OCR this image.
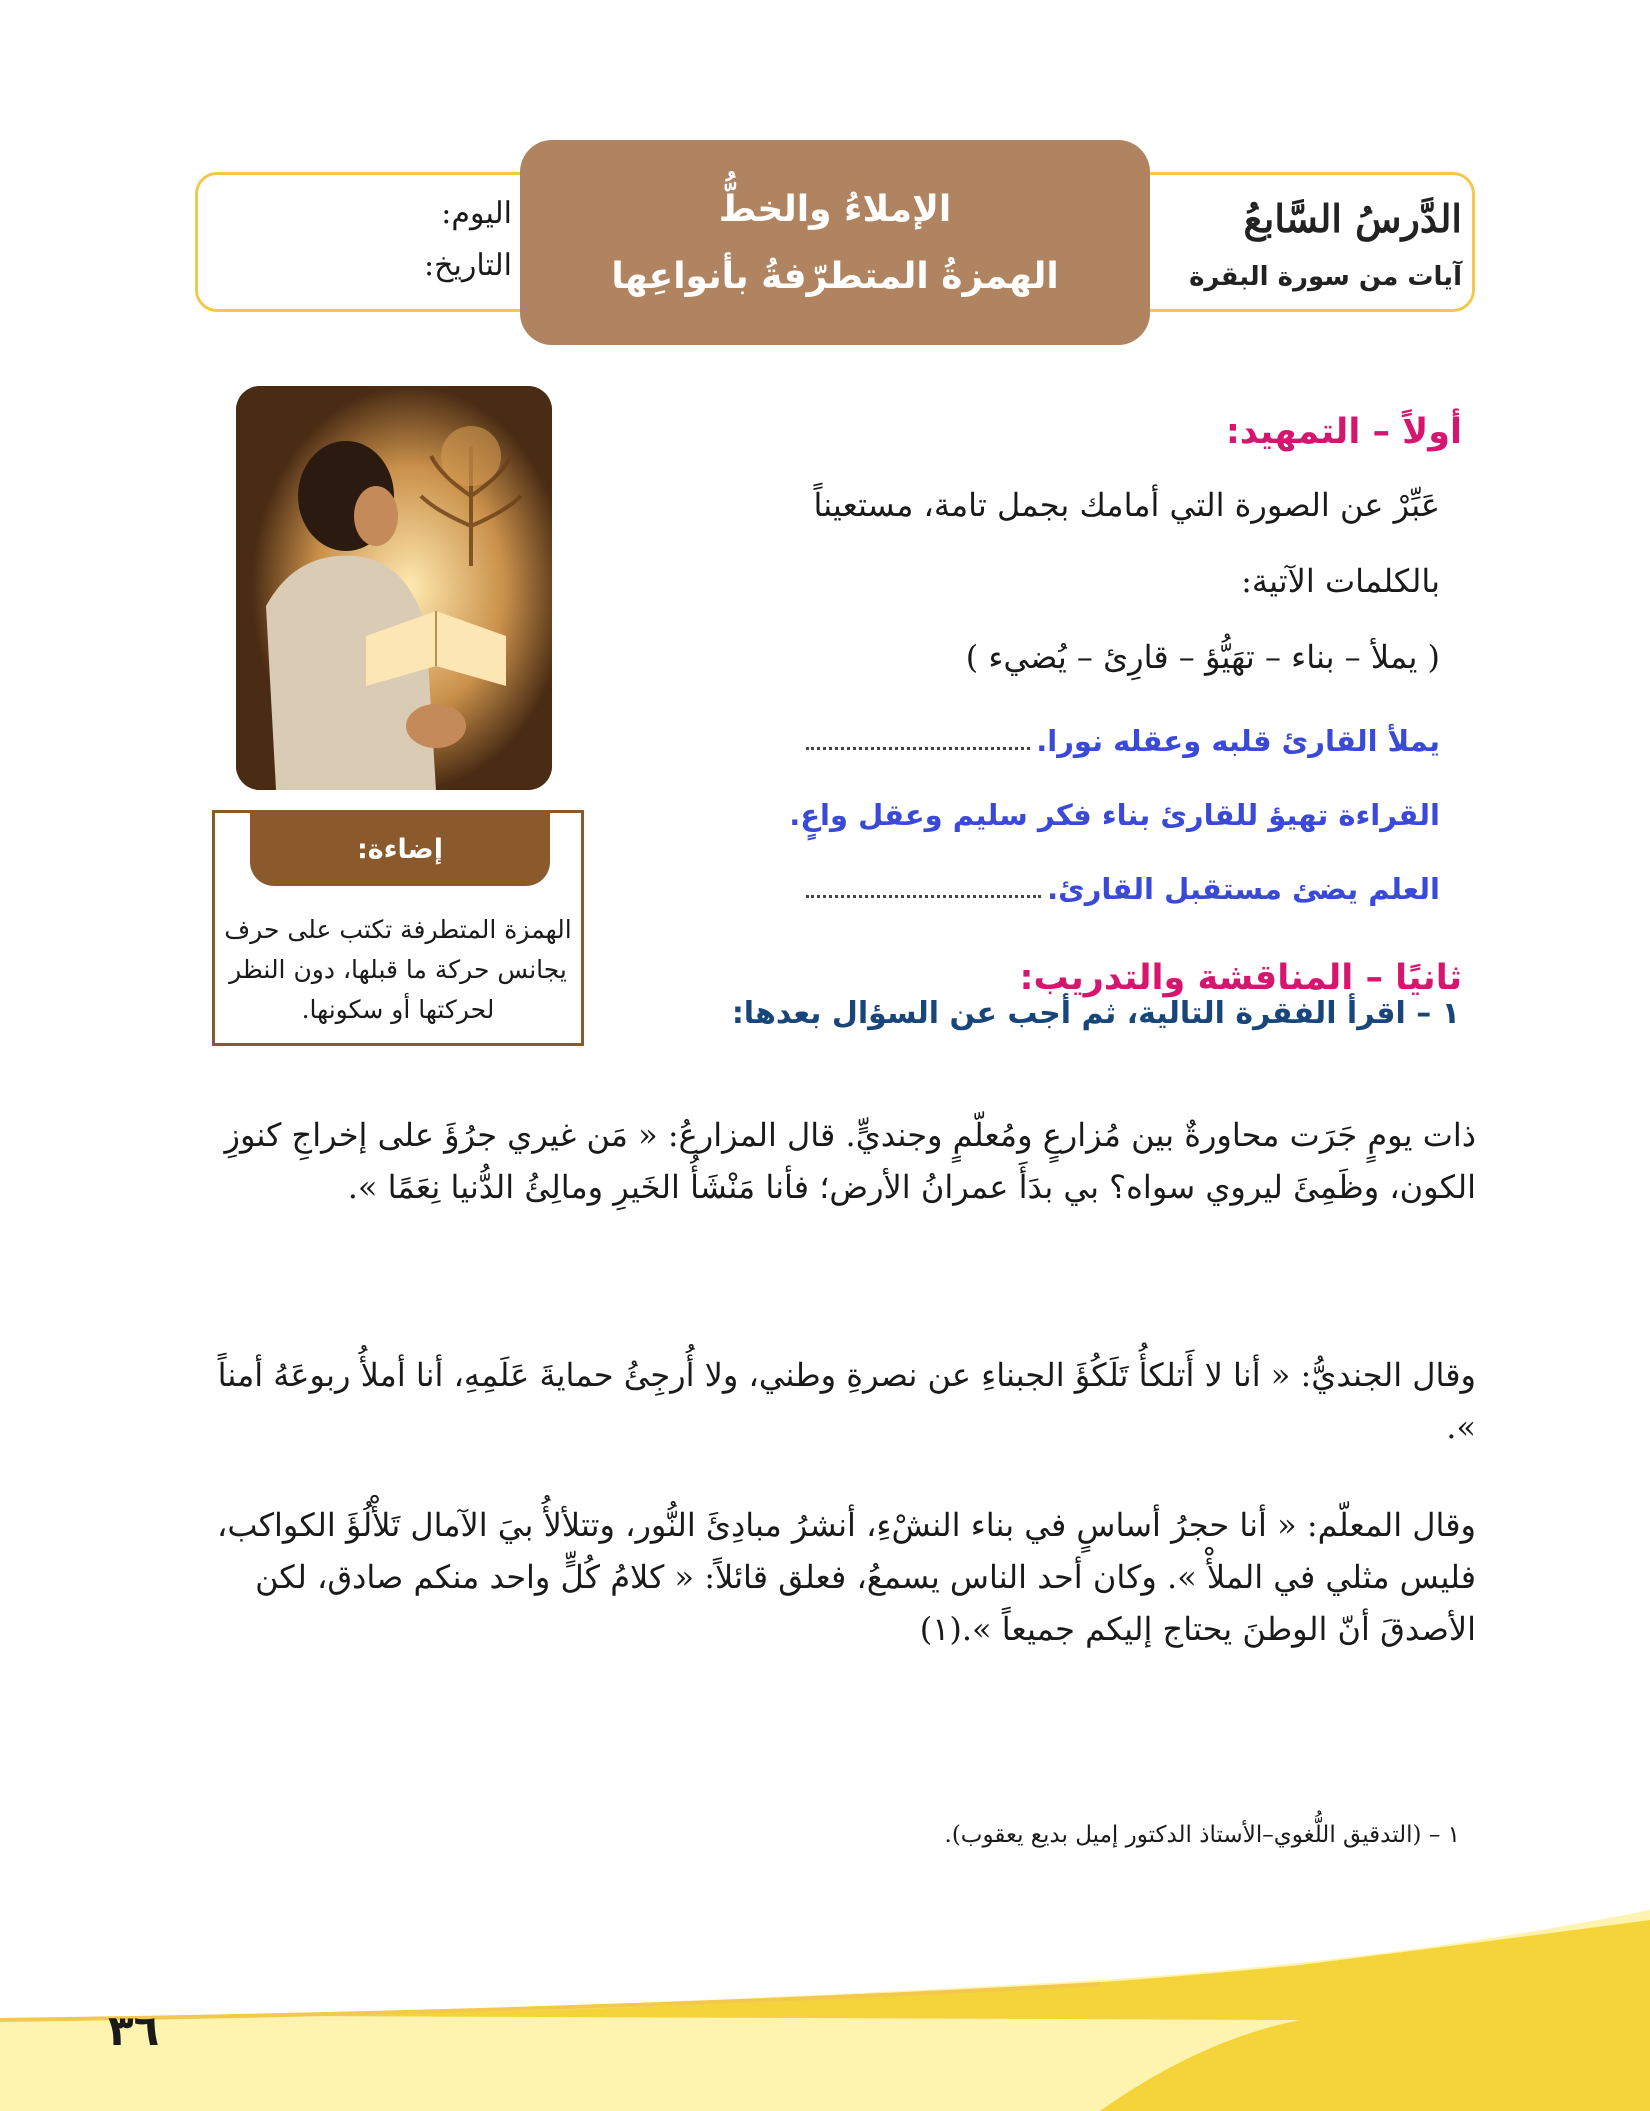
الدَّرسُ السَّابعُ
آيات من سورة البقرة
اليوم:
التاريخ:
الإملاءُ والخطُّ
الهمزةُ المتطرّفةُ بأنواعِها
أولاً – التمهيد:
عَبِّرْ عن الصورة التي أمامك بجمل تامة، مستعيناً
بالكلمات الآتية:
( يملأ – بناء – تهَيُّؤ – قارِئ – يُضيء )
يملأ القارئ قلبه وعقله نورا.
القراءة تهيؤ للقارئ بناء فكر سليم وعقل واعٍ.
العلم يضئ مستقبل القارئ.
إضاءة:
الهمزة المتطرفة تكتب على حرف يجانس حركة ما قبلها، دون النظر لحركتها أو سكونها.
ثانيًا – المناقشة والتدريب:
١ – اقرأ الفقرة التالية، ثم أجب عن السؤال بعدها:
ذات يومٍ جَرَت محاورةٌ بين مُزارعٍ ومُعلّمٍ وجنديٍّ. قال المزارعُ: « مَن غيري جرُؤَ على إخراجِ كنوزِ الكون، وظَمِئَ ليروي سواه؟ بي بدَأَ عمرانُ الأرض؛ فأنا مَنْشَأُ الخَيرِ ومالِئُ الدُّنيا نِعَمًا ».
وقال الجنديُّ: « أنا لا أَتلكأُ تَلَكُؤَ الجبناءِ عن نصرةِ وطني، ولا أُرجِئُ حمايةَ عَلَمِهِ، أنا أملأُ ربوعَهُ أمناً ».
وقال المعلّم: « أنا حجرُ أساسٍ في بناء النشْءِ، أنشرُ مبادِئَ النُّور، وتتلألأُ بيَ الآمال تَلأْلُؤَ الكواكب، فليس مثلي في الملأْ ». وكان أحد الناس يسمعُ، فعلق قائلاً: « كلامُ كُلٍّ واحد منكم صادق، لكن الأصدقَ أنّ الوطنَ يحتاج إليكم جميعاً ».(١)
١ – (التدقيق اللُّغوي–الأستاذ الدكتور إميل بديع يعقوب).
٣٦
